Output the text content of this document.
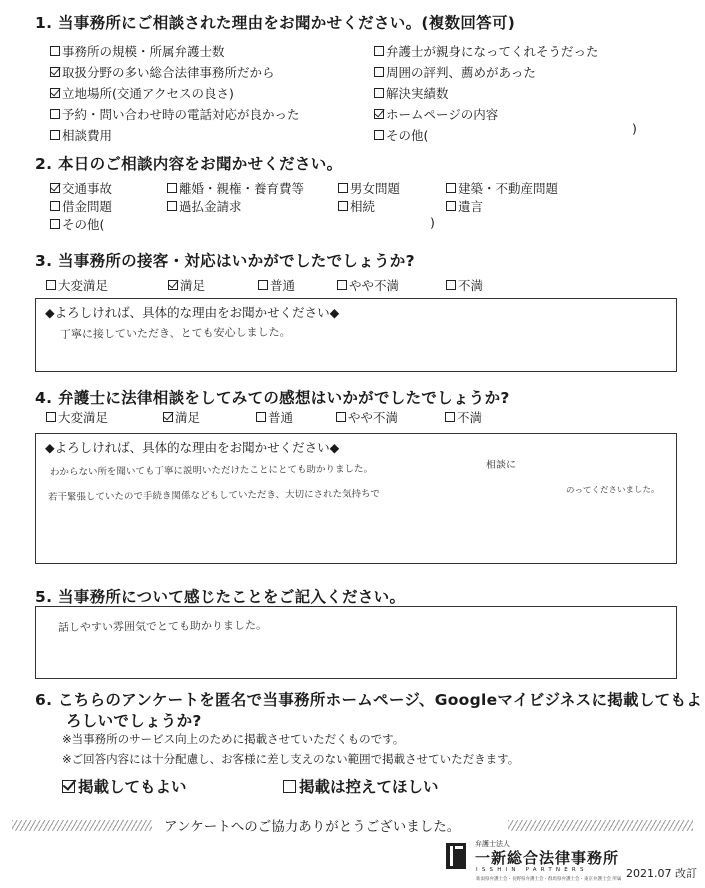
1. 当事務所にご相談された理由をお聞かせください。(複数回答可)
事務所の規模・所属弁護士数
取扱分野の多い総合法律事務所だから
立地場所(交通アクセスの良さ)
予約・問い合わせ時の電話対応が良かった
相談費用
弁護士が親身になってくれそうだった
周囲の評判、薦めがあった
解決実績数
ホームページの内容
その他(	)
2. 本日のご相談内容をお聞かせください。
交通事故	離婚・親権・養育費等	男女問題	建築・不動産問題
借金問題	過払金請求	相続	遺言
その他(	)
3. 当事務所の接客・対応はいかがでしたでしょうか?
大変満足	満足	普通	やや不満	不満
◆よろしければ、具体的な理由をお聞かせください◆
丁寧に接していただき、とても安心しました。
4. 弁護士に法律相談をしてみての感想はいかがでしたでしょうか?
大変満足	満足	普通	やや不満	不満
◆よろしければ、具体的な理由をお聞かせください◆
わからない所を聞いても丁寧に説明いただけたことにとても助かりました。	相談に
若干緊張していたので手続き関係などもしていただき、大切にされた気持ちで	のってくださいました。
5. 当事務所について感じたことをご記入ください。
話しやすい雰囲気でとても助かりました。
6. こちらのアンケートを匿名で当事務所ホームページ、Googleマイビジネスに掲載してもよ
ろしいでしょうか?
※当事務所のサービス向上のために掲載させていただくものです。
※ご回答内容には十分配慮し、お客様に差し支えのない範囲で掲載させていただきます。
掲載してもよい	掲載は控えてほしい
アンケートへのご協力ありがとうございました。
弁護士法人
一新総合法律事務所
ISSHIN PARTNERS
新潟県弁護士会・長野県弁護士会・群馬県弁護士会・東京弁護士会 所属 2021.07 改訂
